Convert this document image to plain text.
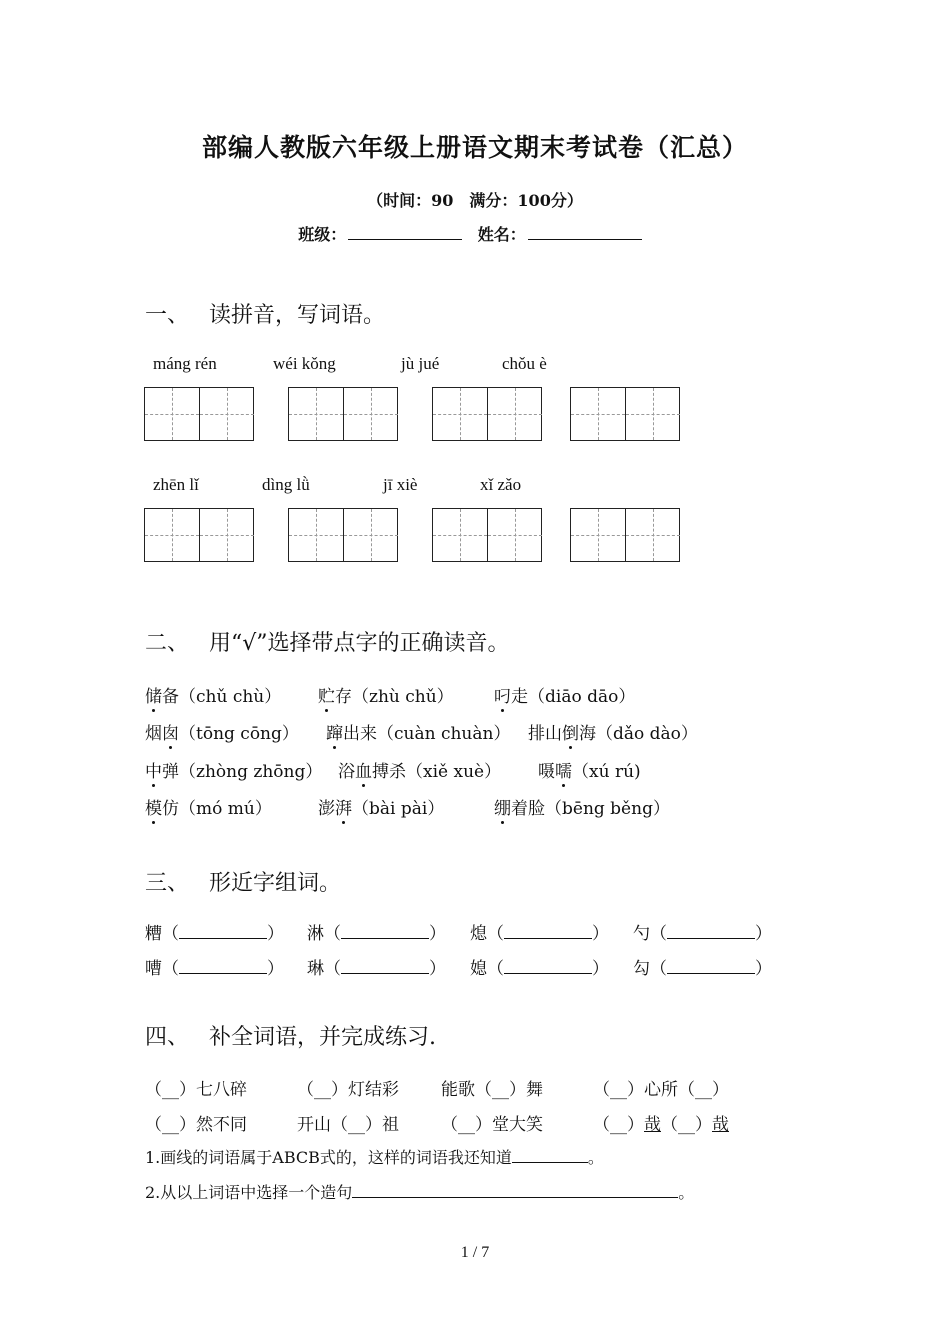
部编人教版六年级上册语文期末考试卷（汇总）
（时间：90　满分：100分）
班级：	姓名：
一、 读拼音，写词语。
máng rén	wéi kǒng	jù jué	chǒu è
zhēn lǐ	dìng lǜ	jī xiè	xǐ zǎo
二、 用“√”选择带点字的正确读音。
储备（chǔ chù） 贮存（zhù chǔ） 叼走（diāo dāo）
烟囱（tōng cōng） 蹿出来（cuàn chuàn） 排山倒海（dǎo dào）
中弹（zhòng zhōng） 浴血搏杀（xiě xuè） 嗫嚅（xú rú)
模仿（mó mú）	澎湃（bài pài）	绷着脸（bēng běng）
三、 形近字组词。
糟（	） 淋（	） 熄（	） 勺（	）
嘈（	） 琳（	） 媳（	） 勾（	）
四、 补全词语，并完成练习.
（__）七八碎	（__）灯结彩 能歌（__）舞	（__）心所（__）
（__）然不同	开山（__）祖 （__）堂大笑	（__）哉（__）哉
1.画线的词语属于ABCB式的，这样的词语我还知道	。
2.从以上词语中选择一个造句	。
1 / 7
